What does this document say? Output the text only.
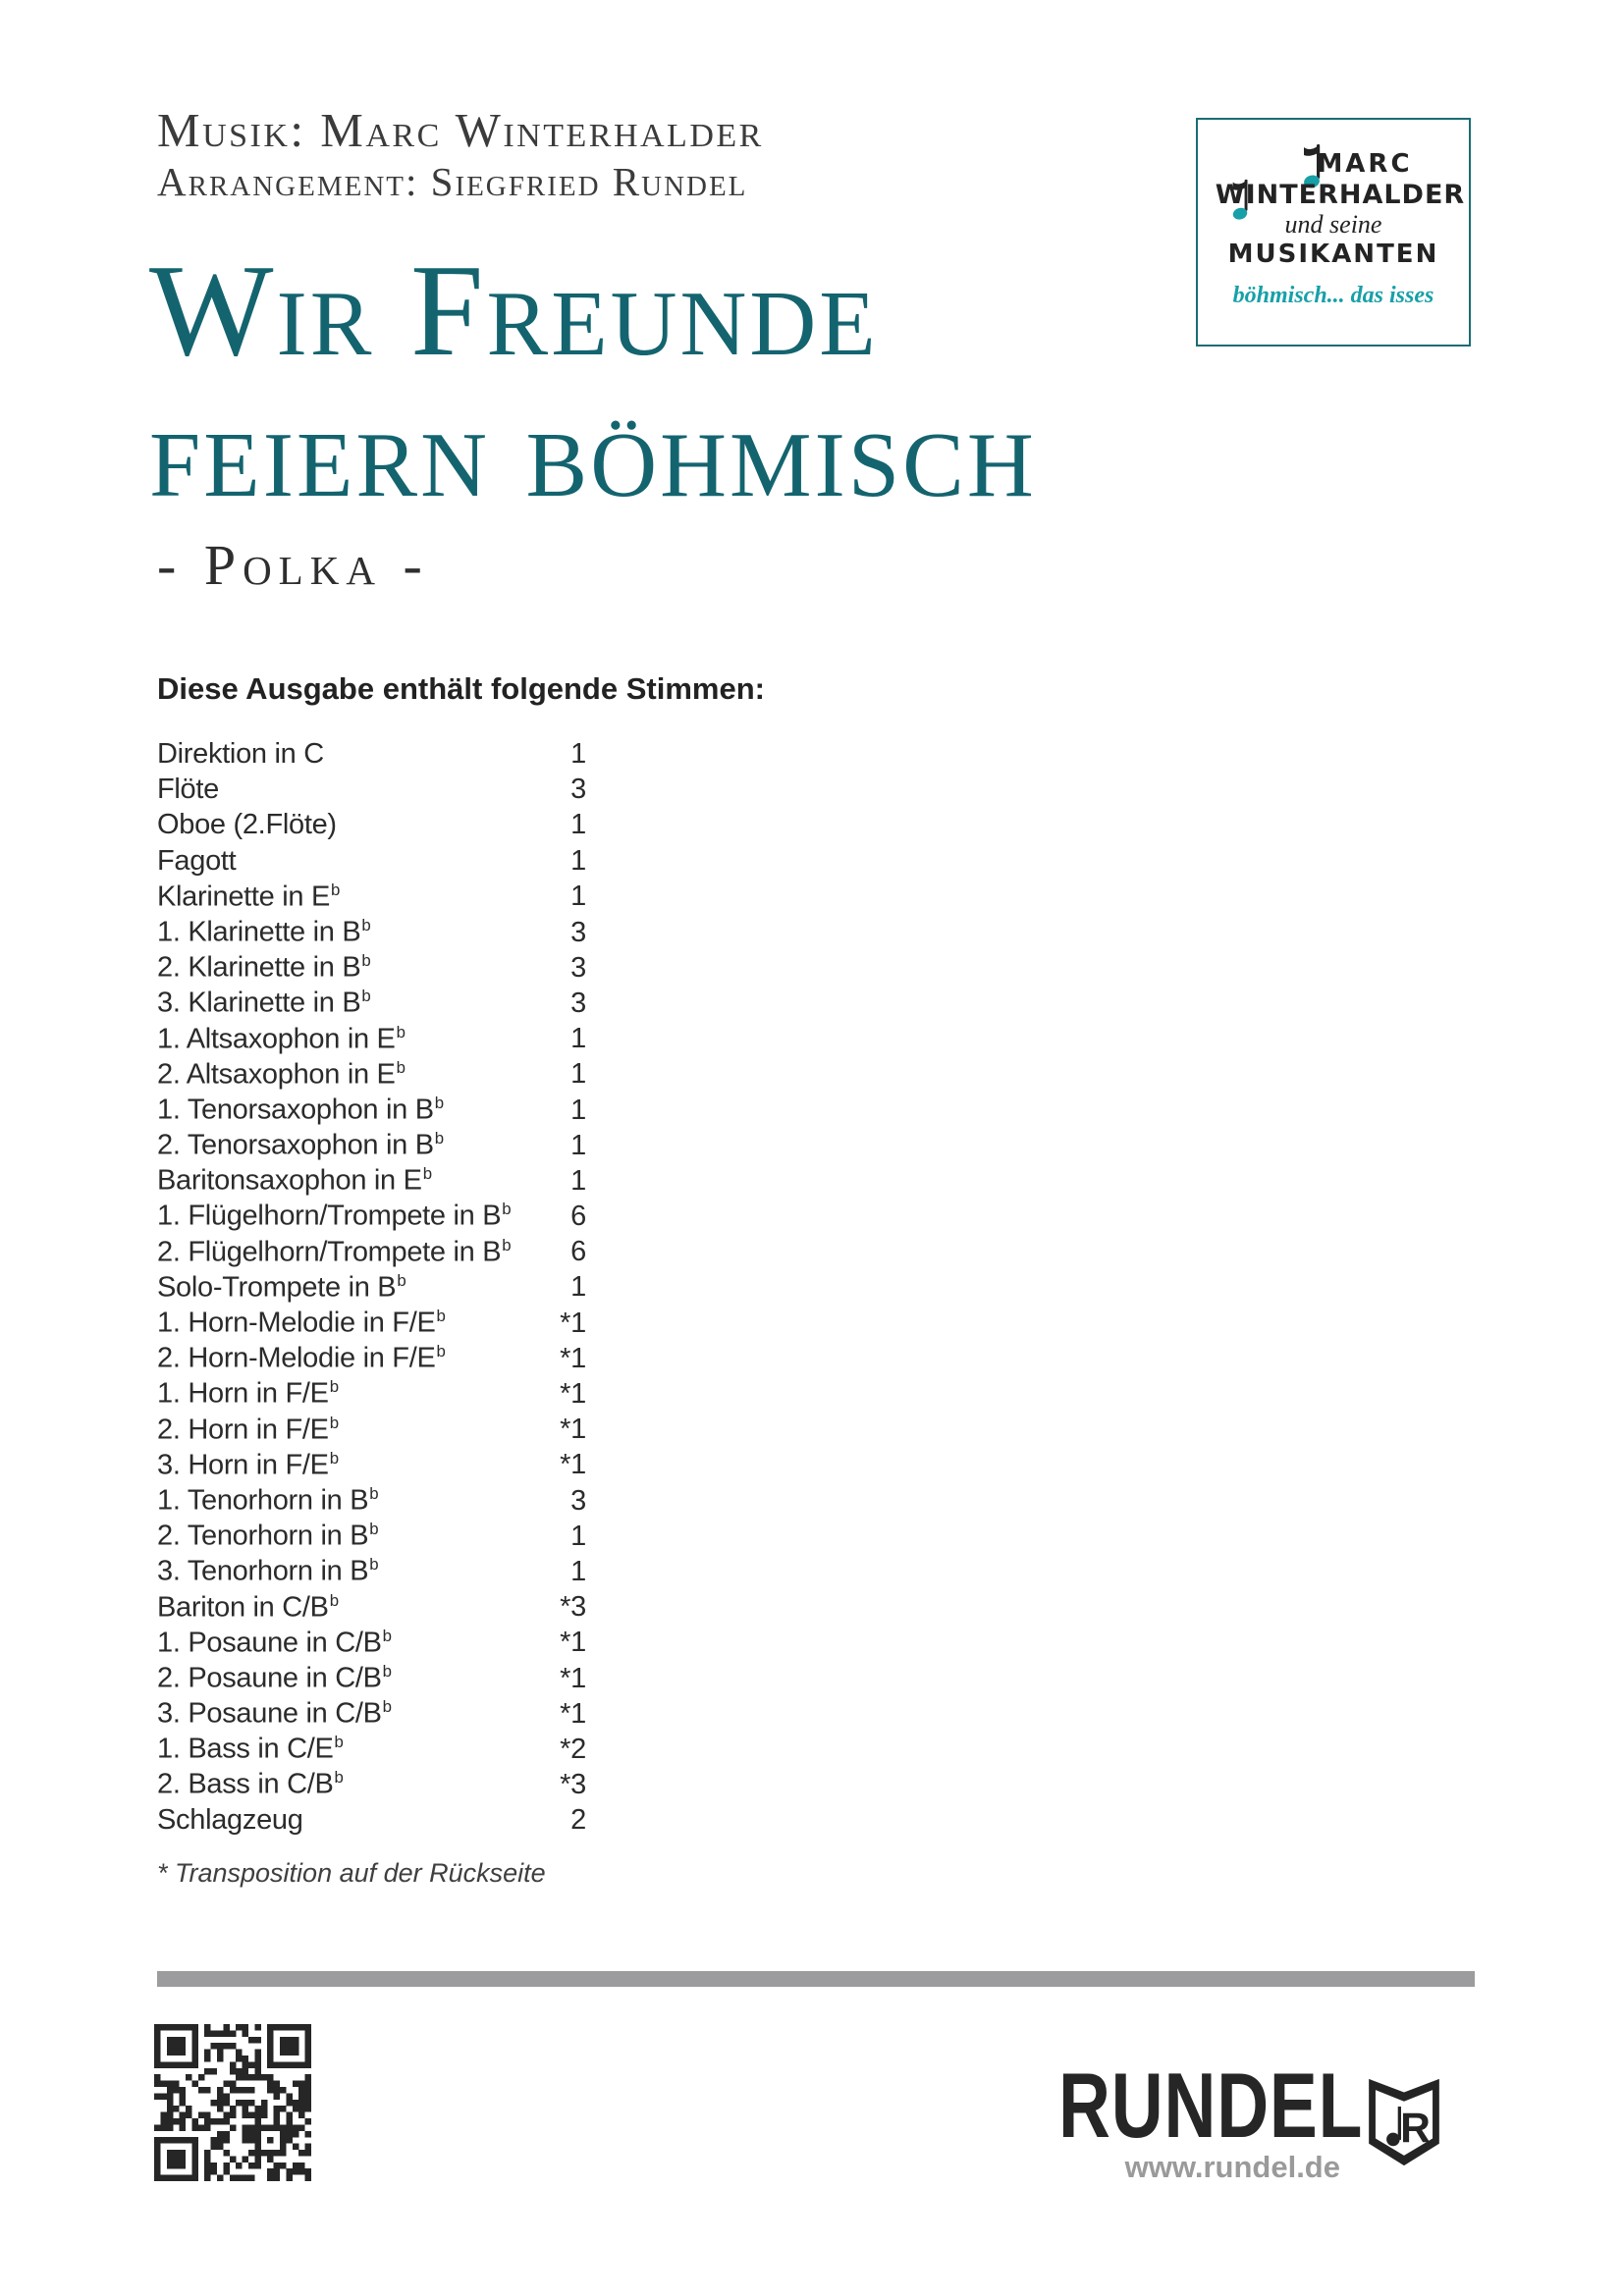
Musik: Marc Winterhalder
Arrangement: Siegfried Rundel	MARC
WINTERHALDER
und seine
MUSIKANTEN
böhmisch... das isses
Wir Freunde
feiern böhmisch
- Polka -
Diese Ausgabe enthält folgende Stimmen:
Direktion in C	1
Flöte	3
Oboe (2.Flöte)	1
Fagott	1
Klarinette in $E^b$	1
1. Klarinette in $B^b$	3
2. Klarinette in $B^b$	3
3. Klarinette in $B^b$	3
1. Altsaxophon in $E^b$	1
2. Altsaxophon in $E^b$	1
1. Tenorsaxophon in $B^b$	1
2. Tenorsaxophon in $B^b$	1
Baritonsaxophon in $E^b$	1
1. Flügelhorn/Trompete in $B^b$ 6
2. Flügelhorn/Trompete in $B^b$ 6
Solo-Trompete in $B^b$	1
1. Horn-Melodie in $F/E^b$	*1
2. Horn-Melodie in $F/E^b$	*1
1. Horn in $F/E^b$	*1
2. Horn in $F/E^b$	*1
3. Horn in $F/E^b$	*1
1. Tenorhorn in $B^b$	3
2. Tenorhorn in $B^b$	1
3. Tenorhorn in $B^b$	1
Bariton in $C/B^b$	*3
1. Posaune in $C/B^b$	*1
2. Posaune in $C/B^b$	*1
3. Posaune in $C/B^b$	*1
1. Bass in $C/E^b$	*2
2. Bass in $C/B^b$	*3
Schlagzeug	2
* Transposition auf der Rückseite
RUNDEL R
www.rundel.de
